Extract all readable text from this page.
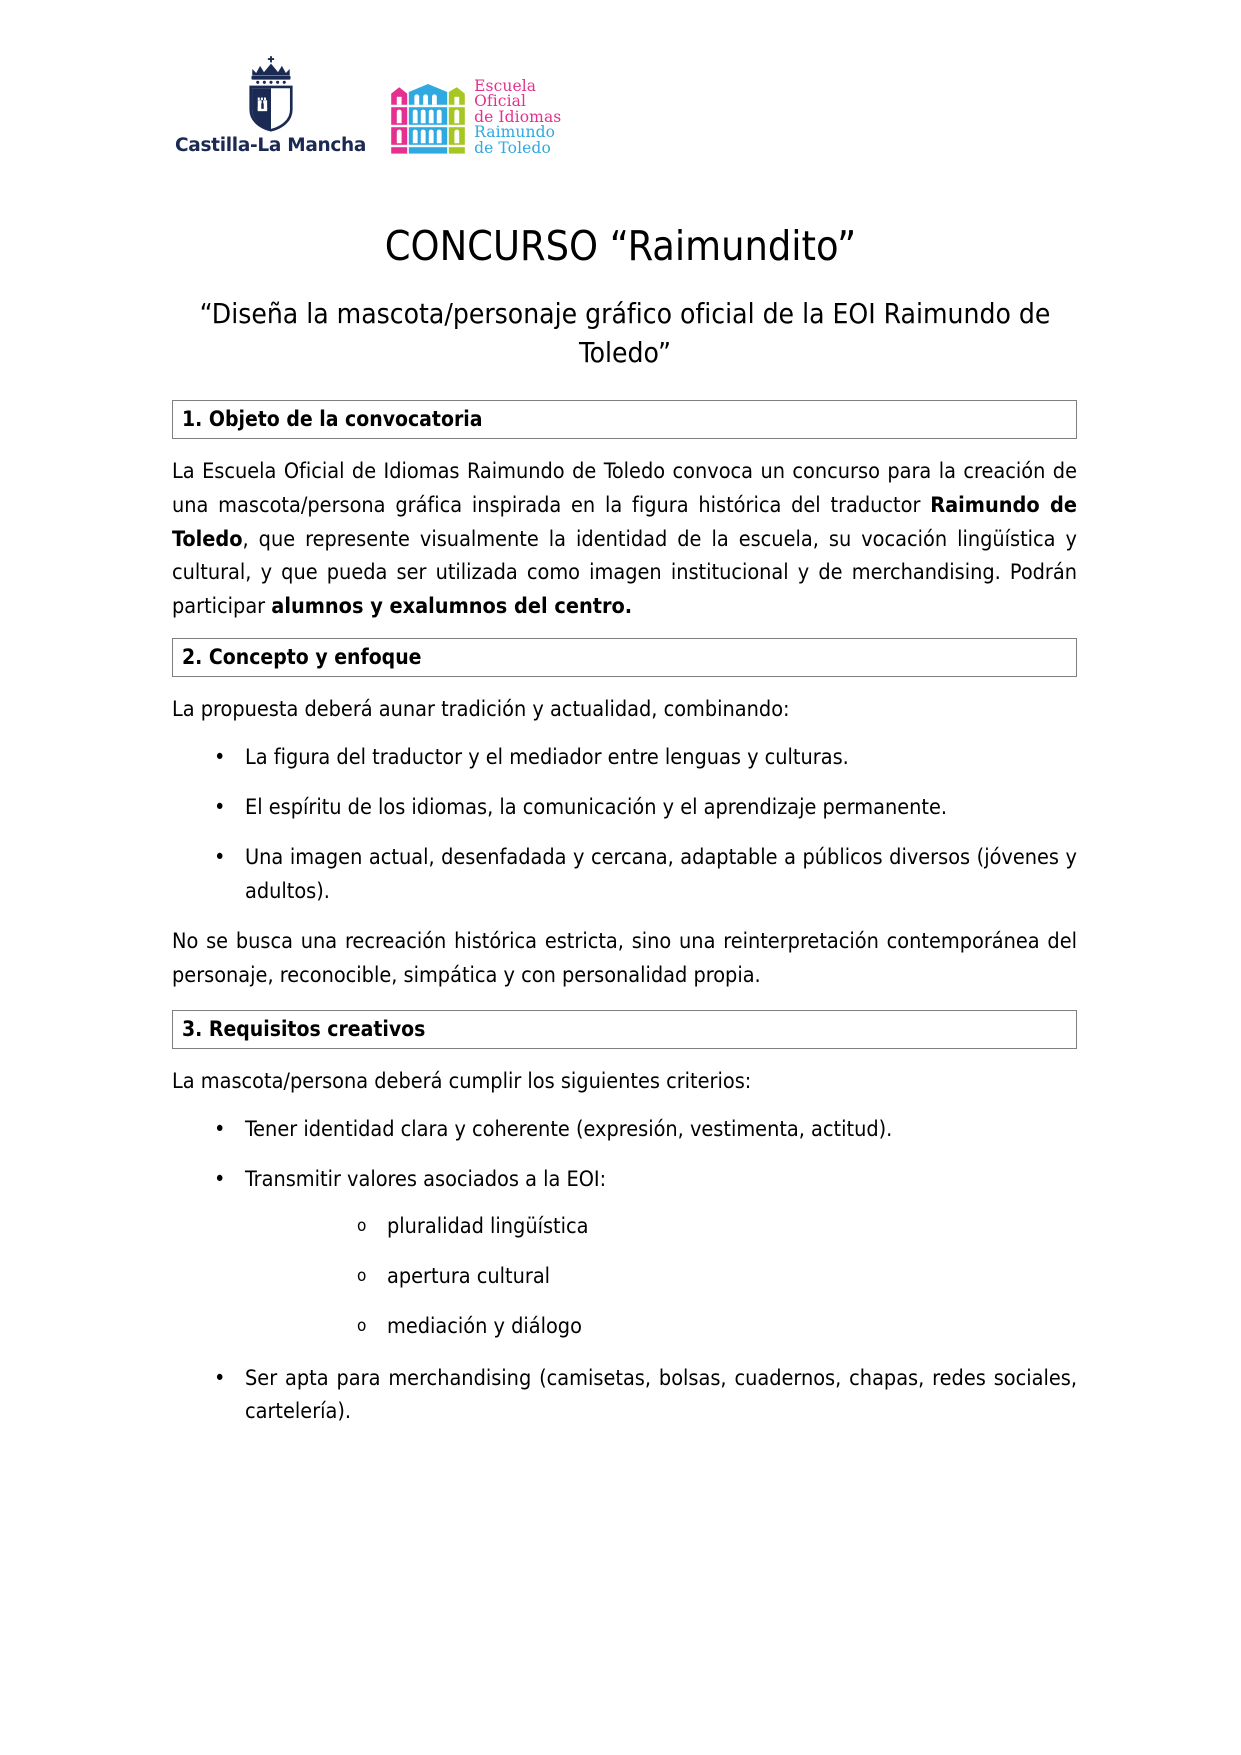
Castilla-La Mancha
Escuela
Oficial
de Idiomas
Raimundo
de Toledo
CONCURSO “Raimundito”
“Diseña la mascota/personaje gráfico oficial de la EOI Raimundo de Toledo”
1. Objeto de la convocatoria

La Escuela Oficial de Idiomas Raimundo de Toledo convoca un concurso para la creación de una mascota/persona gráfica inspirada en la figura histórica del traductor Raimundo de Toledo, que represente visualmente la identidad de la escuela, su vocación lingüística y cultural, y que pueda ser utilizada como imagen institucional y de merchandising. Podrán participar alumnos y exalumnos del centro.

2. Concepto y enfoque

La propuesta deberá aunar tradición y actualidad, combinando:

• La figura del traductor y el mediador entre lenguas y culturas.
• El espíritu de los idiomas, la comunicación y el aprendizaje permanente.
• Una imagen actual, desenfadada y cercana, adaptable a públicos diversos (jóvenes y adultos).

No se busca una recreación histórica estricta, sino una reinterpretación contemporánea del personaje, reconocible, simpática y con personalidad propia.

3. Requisitos creativos

La mascota/persona deberá cumplir los siguientes criterios:

• Tener identidad clara y coherente (expresión, vestimenta, actitud).
• Transmitir valores asociados a la EOI:
o pluralidad lingüística
o apertura cultural
o mediación y diálogo
• Ser apta para merchandising (camisetas, bolsas, cuadernos, chapas, redes sociales, cartelería).
